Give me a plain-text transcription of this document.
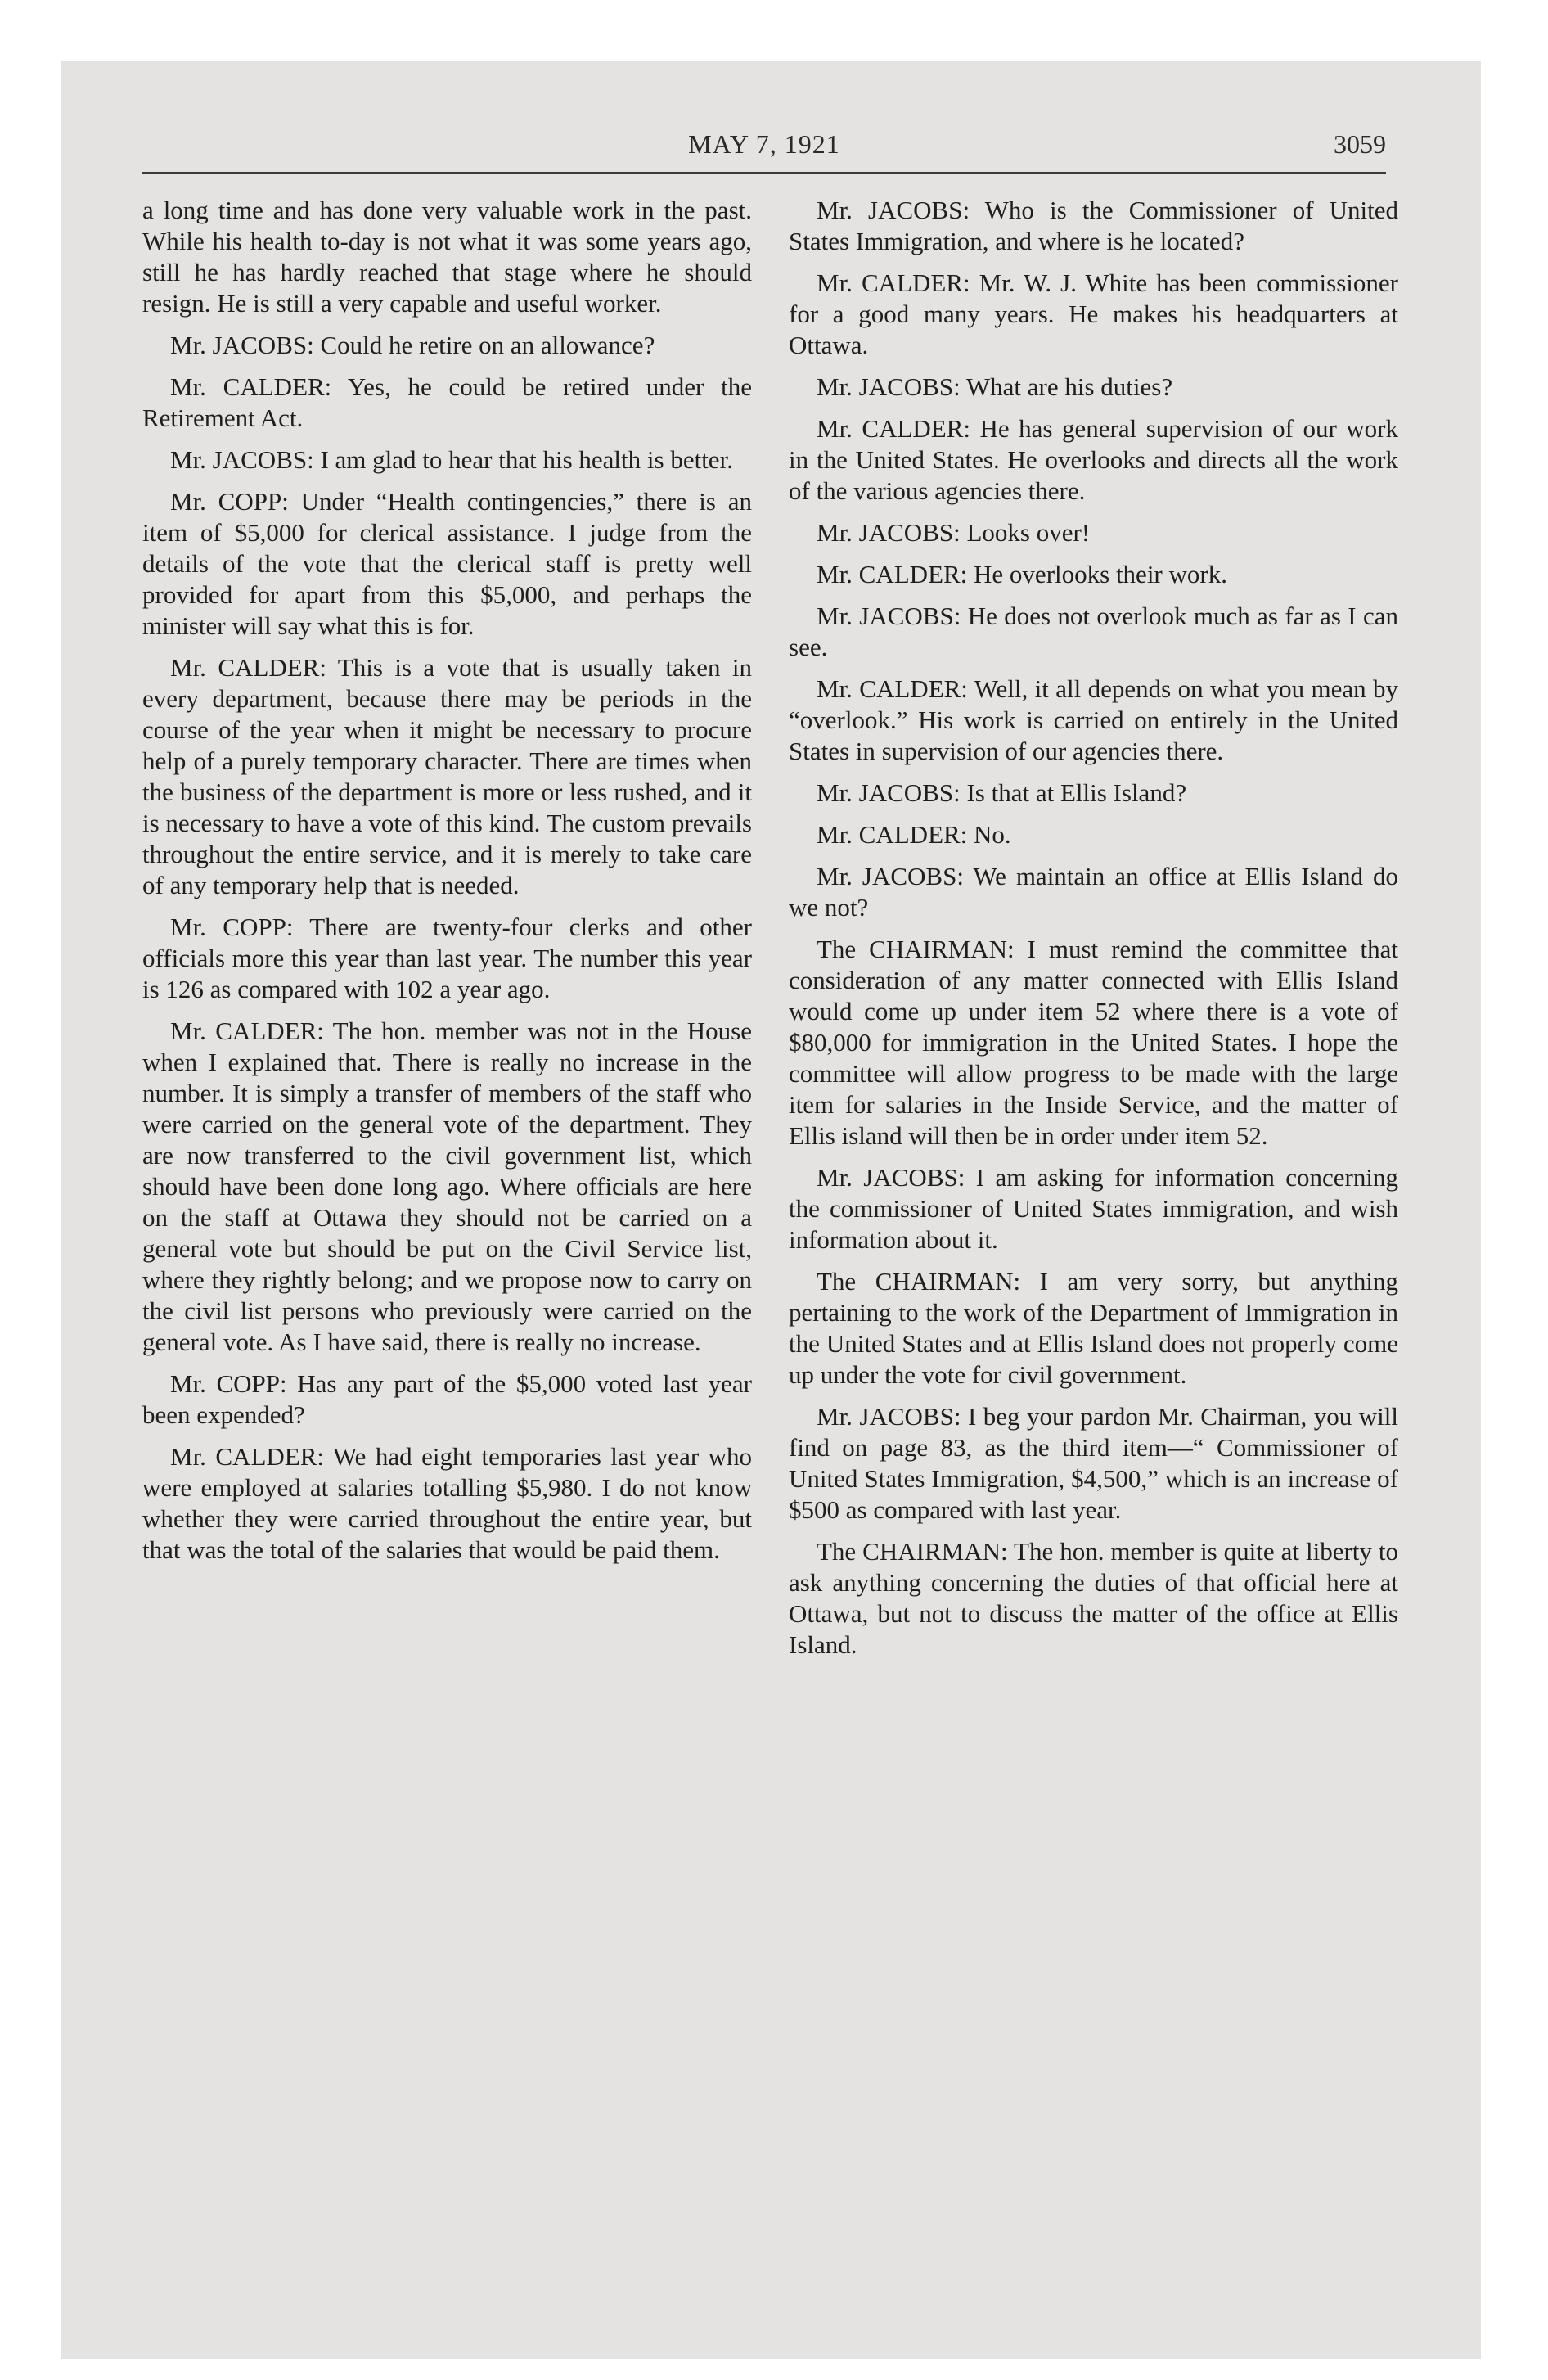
MAY 7, 1921	3059

a long time and has done very valuable work in the past. While his health to-day is not what it was some years ago, still he has hardly reached that stage where he should resign. He is still a very capable and useful worker.

Mr. JACOBS: Could he retire on an allowance?

Mr. CALDER: Yes, he could be retired under the Retirement Act.

Mr. JACOBS: I am glad to hear that his health is better.

Mr. COPP: Under “Health contingencies,” there is an item of $5,000 for clerical assistance. I judge from the details of the vote that the clerical staff is pretty well provided for apart from this $5,000, and perhaps the minister will say what this is for.

Mr. CALDER: This is a vote that is usually taken in every department, because there may be periods in the course of the year when it might be necessary to procure help of a purely temporary character. There are times when the business of the department is more or less rushed, and it is necessary to have a vote of this kind. The custom prevails throughout the entire service, and it is merely to take care of any temporary help that is needed.

Mr. COPP: There are twenty-four clerks and other officials more this year than last year. The number this year is 126 as compared with 102 a year ago.

Mr. CALDER: The hon. member was not in the House when I explained that. There is really no increase in the number. It is simply a transfer of members of the staff who were carried on the general vote of the department. They are now transferred to the civil government list, which should have been done long ago. Where officials are here on the staff at Ottawa they should not be carried on a general vote but should be put on the Civil Service list, where they rightly belong; and we propose now to carry on the civil list persons who previously were carried on the general vote. As I have said, there is really no increase.

Mr. COPP: Has any part of the $5,000 voted last year been expended?

Mr. CALDER: We had eight temporaries last year who were employed at salaries totalling $5,980. I do not know whether they were carried throughout the entire year, but that was the total of the salaries that would be paid them.

Mr. JACOBS: Who is the Commissioner of United States Immigration, and where is he located?

Mr. CALDER: Mr. W. J. White has been commissioner for a good many years. He makes his headquarters at Ottawa.

Mr. JACOBS: What are his duties?

Mr. CALDER: He has general supervision of our work in the United States. He overlooks and directs all the work of the various agencies there.

Mr. JACOBS: Looks over!

Mr. CALDER: He overlooks their work.

Mr. JACOBS: He does not overlook much as far as I can see.

Mr. CALDER: Well, it all depends on what you mean by “overlook.” His work is carried on entirely in the United States in supervision of our agencies there.

Mr. JACOBS: Is that at Ellis Island?

Mr. CALDER: No.

Mr. JACOBS: We maintain an office at Ellis Island do we not?

The CHAIRMAN: I must remind the committee that consideration of any matter connected with Ellis Island would come up under item 52 where there is a vote of $80,000 for immigration in the United States. I hope the committee will allow progress to be made with the large item for salaries in the Inside Service, and the matter of Ellis island will then be in order under item 52.

Mr. JACOBS: I am asking for information concerning the commissioner of United States immigration, and wish information about it.

The CHAIRMAN: I am very sorry, but anything pertaining to the work of the Department of Immigration in the United States and at Ellis Island does not properly come up under the vote for civil government.

Mr. JACOBS: I beg your pardon Mr. Chairman, you will find on page 83, as the third item—“ Commissioner of United States Immigration, $4,500,” which is an increase of $500 as compared with last year.

The CHAIRMAN: The hon. member is quite at liberty to ask anything concerning the duties of that official here at Ottawa, but not to discuss the matter of the office at Ellis Island.
